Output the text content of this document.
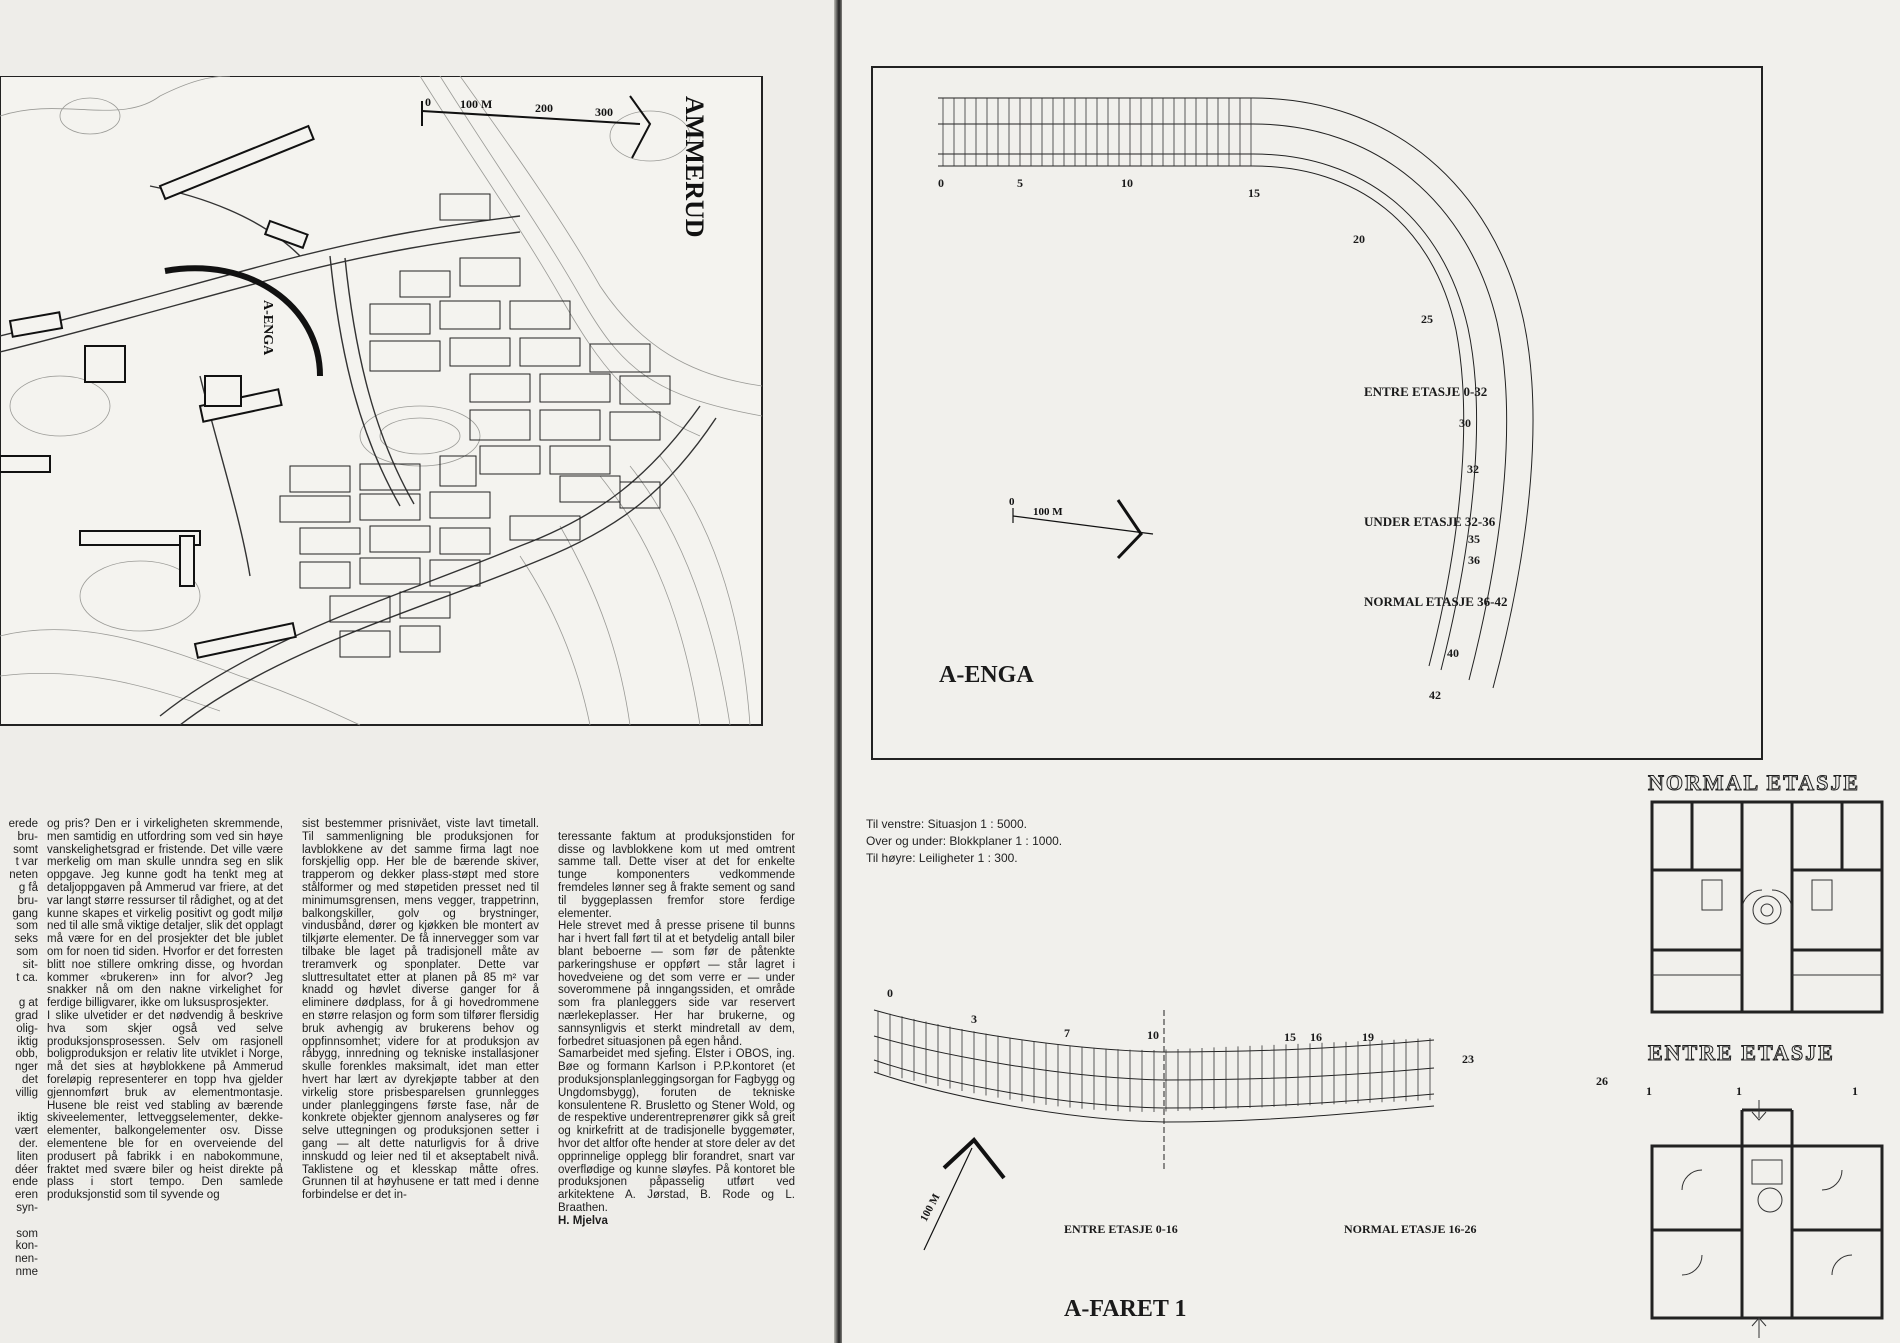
0 100 M	200	300	AMMERUD
A-ENGA
erede
bru-
somt
t var
neten
g få
bru-
gang
som
seks
som
sit-
t ca.

g at
grad
olig-
iktig
obb,
nger
det
villig

iktig
vært
der.
liten
déer
ende
eren
syn-

som
kon-
nen-
nme
og pris? Den er i virkeligheten skremmende, men samtidig en utfordring som ved sin høye vanskelighetsgrad er fristende. Det ville være merkelig om man skulle unndra seg en slik oppgave. Jeg kunne godt ha tenkt meg at detaljoppgaven på Ammerud var friere, at det var langt større ressurser til rådighet, og at det kunne skapes et virkelig positivt og godt miljø ned til alle små viktige detaljer, slik det opplagt må være for en del prosjekter det ble jublet om for noen tid siden. Hvorfor er det forresten blitt noe stillere omkring disse, og hvordan kommer «brukeren» inn for alvor? Jeg snakker nå om den nakne virkelighet for ferdige billigvarer, ikke om luksusprosjekter.
I slike ulvetider er det nødvendig å beskrive hva som skjer også ved selve produksjonsprosessen. Selv om rasjonell boligproduksjon er relativ lite utviklet i Norge, må det sies at høyblokkene på Ammerud foreløpig representerer en topp hva gjelder gjennomført bruk av elementmontasje. Husene ble reist ved stabling av bærende skiveelementer, lettveggselementer, dekke-elementer, balkongelementer osv. Disse elementene ble for en overveiende del produsert på fabrikk i en nabokommune, fraktet med svære biler og heist direkte på plass i stort tempo. Den samlede produksjonstid som til syvende og
sist bestemmer prisnivået, viste lavt timetall. Til sammenligning ble produksjonen for lavblokkene av det samme firma lagt noe forskjellig opp. Her ble de bærende skiver, trapperom og dekker plass-støpt med store stålformer og med støpetiden presset ned til minimumsgrensen, mens vegger, trappetrinn, balkongskiller, golv og brystninger, vindusbånd, dører og kjøkken ble montert av tilkjørte elementer. De få innervegger som var tilbake ble laget på tradisjonell måte av treramverk og sponplater. Dette var sluttresultatet etter at planen på 85 m² var knadd og høvlet diverse ganger for å eliminere dødplass, for å gi hovedrommene en større relasjon og form som tilfører flersidig bruk avhengig av brukerens behov og oppfinnsomhet; videre for at produksjon av råbygg, innredning og tekniske installasjoner skulle forenkles maksimalt, idet man etter hvert har lært av dyrekjøpte tabber at den virkelig store prisbesparelsen grunnlegges under planleggingens første fase, når de konkrete objekter gjennom analyseres og før selve uttegningen og produksjonen setter i gang — alt dette naturligvis for å drive innskudd og leier ned til et akseptabelt nivå. Taklistene og et klesskap måtte ofres. Grunnen til at høyhusene er tatt med i denne forbindelse er det in-

teressante faktum at produksjonstiden for disse og lavblokkene kom ut med omtrent samme tall. Dette viser at det for enkelte tunge komponenters vedkommende fremdeles lønner seg å frakte sement og sand til byggeplassen fremfor store ferdige elementer.
Hele strevet med å presse prisene til bunns har i hvert fall ført til at et betydelig antall biler blant beboerne — som før de påtenkte parkeringshuse er oppført — står lagret i hovedveiene og det som verre er — under soverommene på inngangssiden, et område som fra planleggers side var reservert nærlekeplasser. Her har brukerne, og sannsynligvis et sterkt mindretall av dem, forbedret situasjonen på egen hånd.
Samarbeidet med sjefing. Elster i OBOS, ing. Bøe og formann Karlson i P.P.kontoret (et produksjonsplanleggingsorgan for Fagbygg og Ungdomsbygg), foruten de tekniske konsulentene R. Brusletto og Stener Wold, og de respektive underentreprenører gikk så greit og knirkefritt at de tradisjonelle byggemøter, hvor det altfor ofte hender at store deler av det opprinnelige opplegg blir forandret, snart var overflødige og kunne sløyfes. På kontoret ble produksjonen påpasselig utført ved arkitektene A. Jørstad, B. Rode og L. Braathen.

H. Mjelva

0
100 M
ENTRE ETASJE 0-32
UNDER ETASJE 32-36
NORMAL ETASJE 36-42
A-ENGA
0	5	10
15
20
25
30
32
35
36
40
42
Til venstre: Situasjon 1 : 5000.
Over og under: Blokkplaner 1 : 1000.
Til høyre: Leiligheter 1 : 300.
0
3
7	10	15 16	19
23
26
100 M
ENTRE ETASJE 0-16	NORMAL ETASJE 16-26
A-FARET 1
NORMAL ETASJE
ENTRE ETASJE
1	1	1
